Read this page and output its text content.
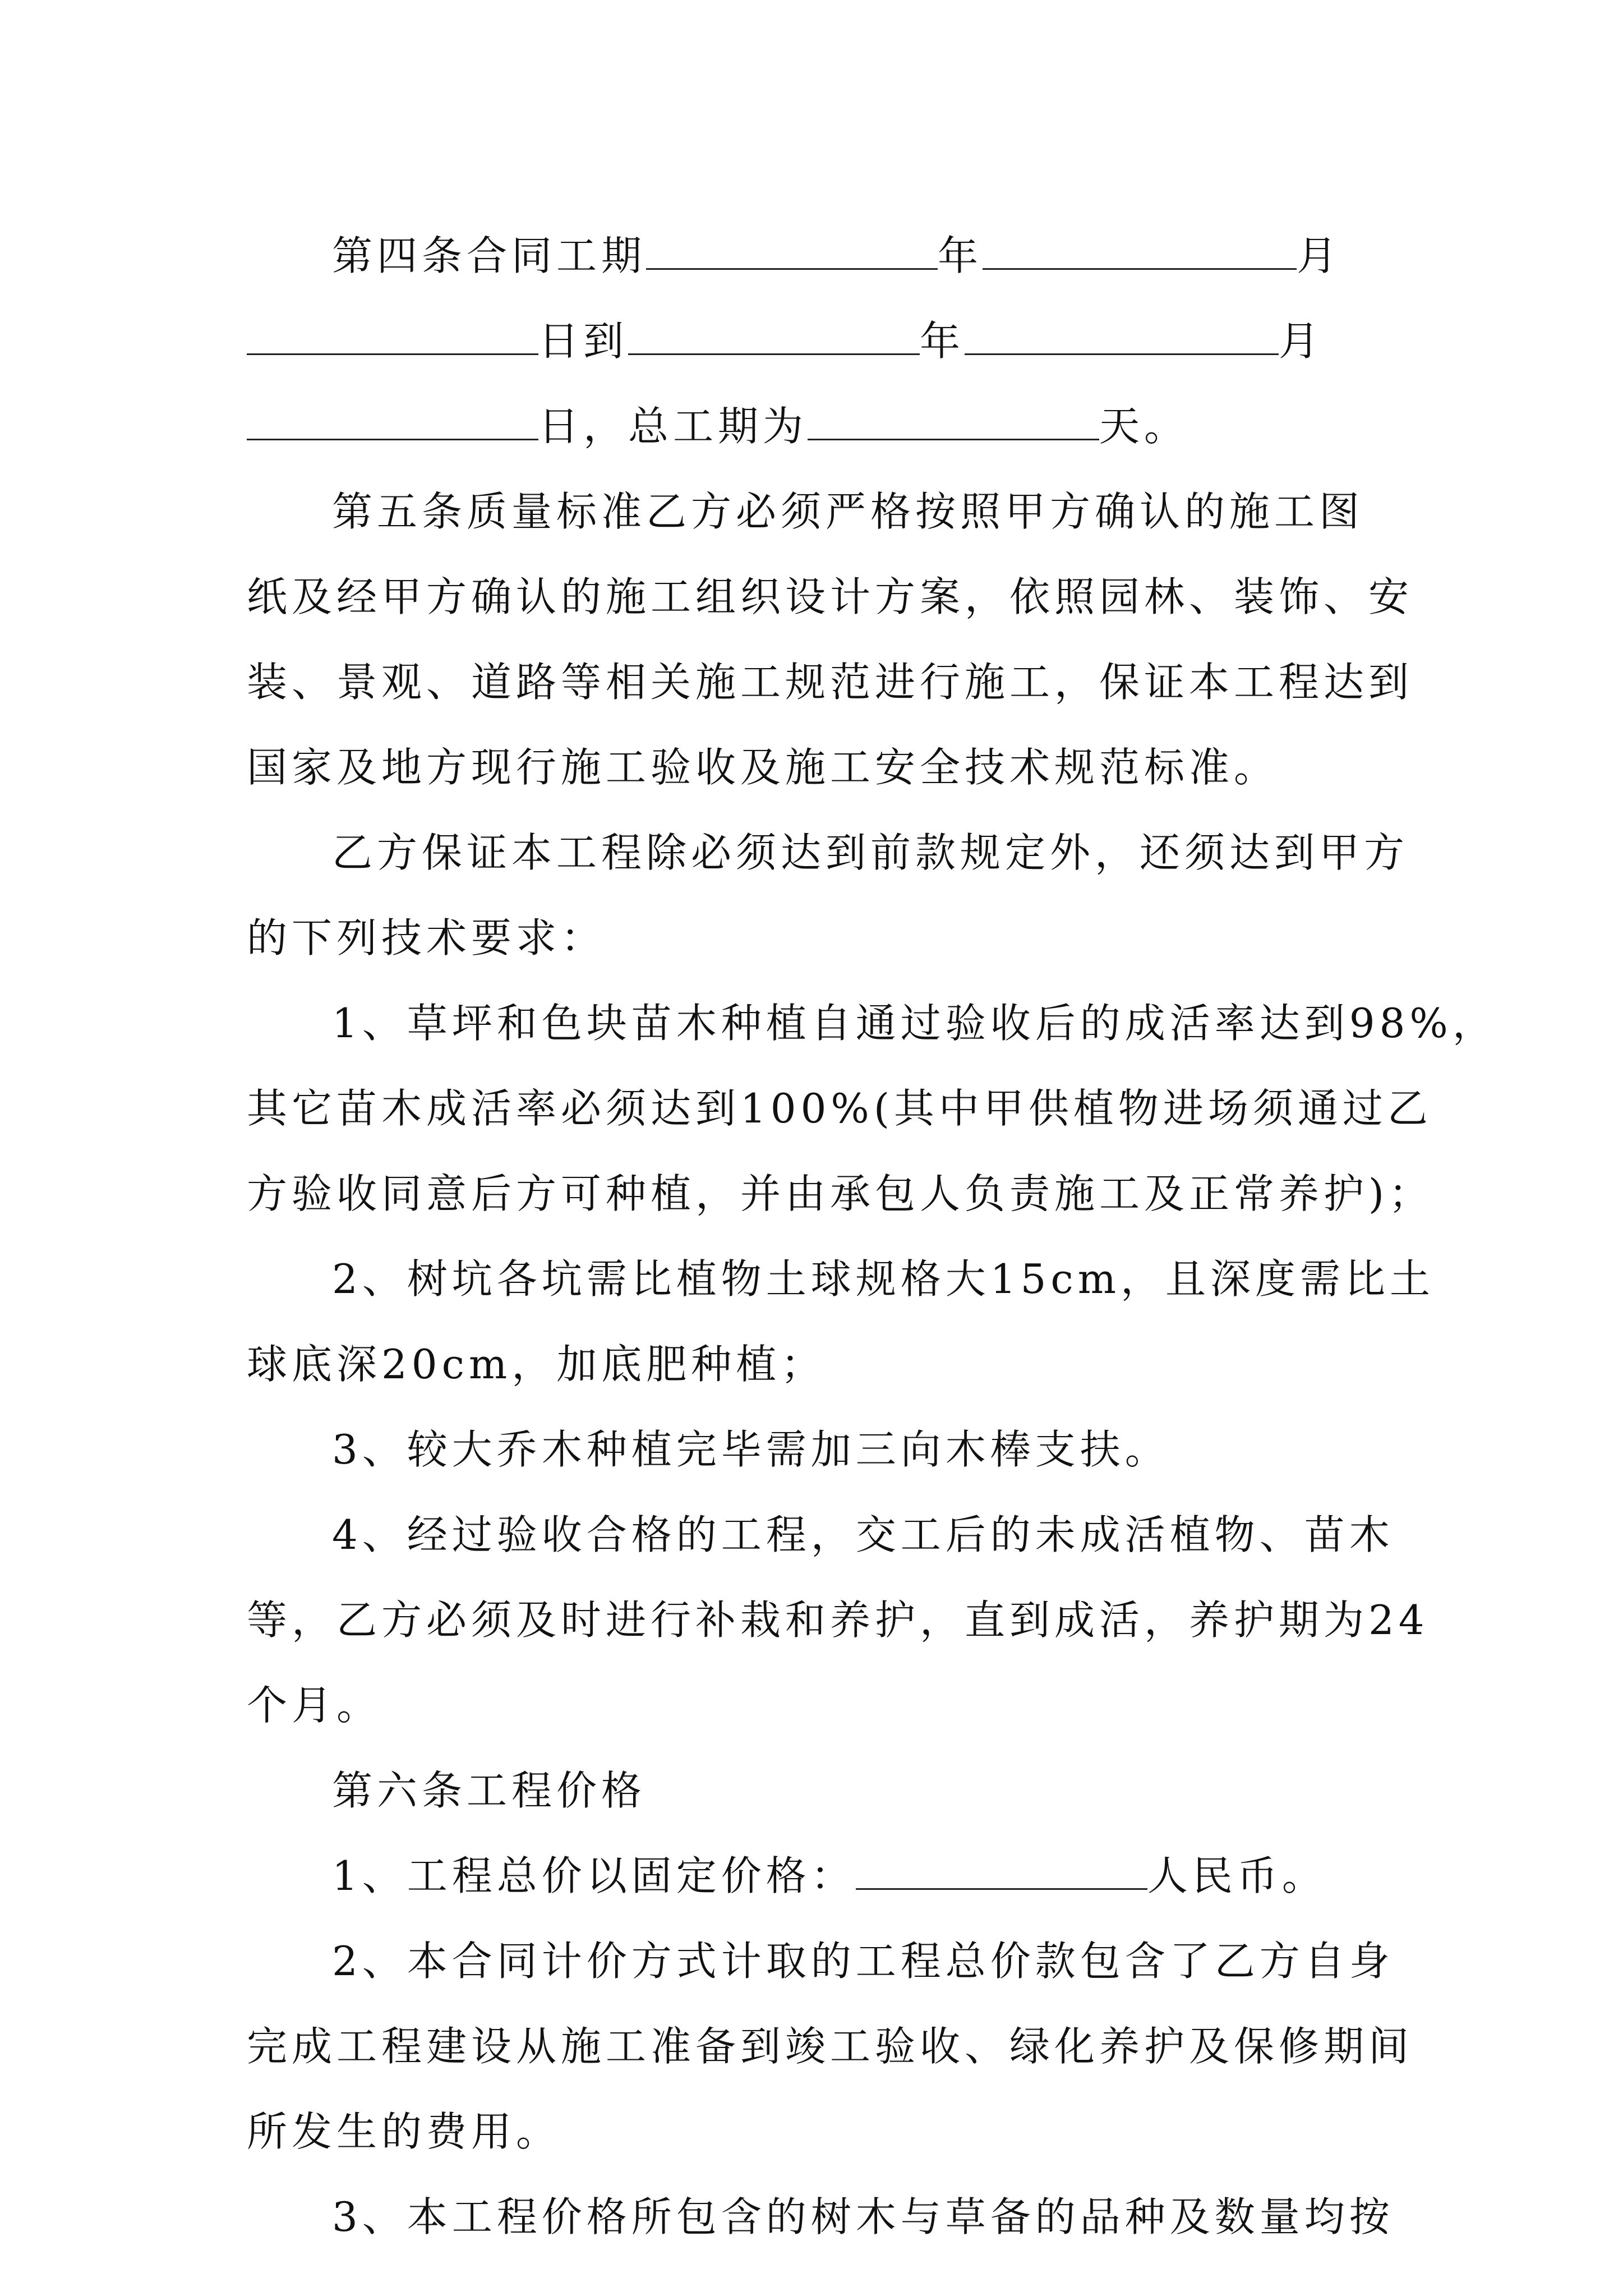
第四条合同工期	年	月
日到	年	月
日，总工期为	天。
第五条质量标准乙方必须严格按照甲方确认的施工图
纸及经甲方确认的施工组织设计方案，依照园林、装饰、安
装、景观、道路等相关施工规范进行施工，保证本工程达到
国家及地方现行施工验收及施工安全技术规范标准。
乙方保证本工程除必须达到前款规定外，还须达到甲方
的下列技术要求：
1、草坪和色块苗木种植自通过验收后的成活率达到98%，
其它苗木成活率必须达到100%(其中甲供植物进场须通过乙
方验收同意后方可种植，并由承包人负责施工及正常养护)；
2、树坑各坑需比植物土球规格大15cm，且深度需比土
球底深20cm，加底肥种植；
3、较大乔木种植完毕需加三向木棒支扶。
4、经过验收合格的工程，交工后的未成活植物、苗木
等，乙方必须及时进行补栽和养护，直到成活，养护期为24
个月。
第六条工程价格
1、工程总价以固定价格：	人民币。
2、本合同计价方式计取的工程总价款包含了乙方自身
完成工程建设从施工准备到竣工验收、绿化养护及保修期间
所发生的费用。
3、本工程价格所包含的树木与草备的品种及数量均按
